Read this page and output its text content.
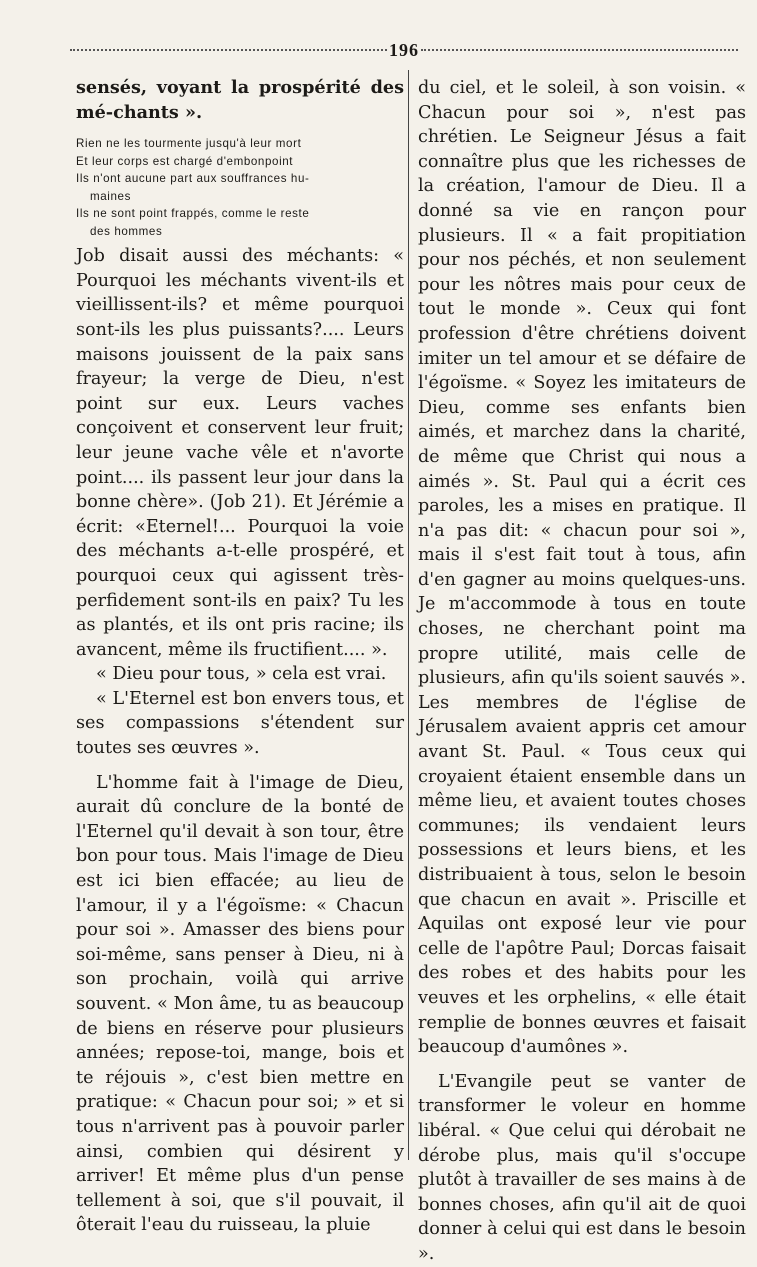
196

sensés, voyant la prospérité des mé-chants ».

Rien ne les tourmente jusqu'à leur mort
Et leur corps est chargé d'embonpoint
Ils n'ont aucune part aux souffrances hu-
maines
Ils ne sont point frappés, comme le reste
des hommes

Job disait aussi des méchants: « Pourquoi les méchants vivent-ils et vieillissent-ils? et même pourquoi sont-ils les plus puissants?.... Leurs maisons jouissent de la paix sans frayeur; la verge de Dieu, n'est point sur eux. Leurs vaches conçoivent et conservent leur fruit; leur jeune vache vêle et n'avorte point.... ils passent leur jour dans la bonne chère». (Job 21). Et Jérémie a écrit: «Eternel!... Pourquoi la voie des méchants a-t-elle prospéré, et pourquoi ceux qui agissent très-perfidement sont-ils en paix? Tu les as plantés, et ils ont pris racine; ils avancent, même ils fructifient.... ».

« Dieu pour tous, » cela est vrai.

« L'Eternel est bon envers tous, et ses compassions s'étendent sur toutes ses œuvres ».

L'homme fait à l'image de Dieu, aurait dû conclure de la bonté de l'Eternel qu'il devait à son tour, être bon pour tous. Mais l'image de Dieu est ici bien effacée; au lieu de l'amour, il y a l'égoïsme: « Chacun pour soi ». Amasser des biens pour soi-même, sans penser à Dieu, ni à son prochain, voilà qui arrive souvent. « Mon âme, tu as beaucoup de biens en réserve pour plusieurs années; repose-toi, mange, bois et te réjouis », c'est bien mettre en pratique: « Chacun pour soi; » et si tous n'arrivent pas à pouvoir parler ainsi, combien qui désirent y arriver! Et même plus d'un pense tellement à soi, que s'il pouvait, il ôterait l'eau du ruisseau, la pluie

du ciel, et le soleil, à son voisin. « Chacun pour soi », n'est pas chrétien. Le Seigneur Jésus a fait connaître plus que les richesses de la création, l'amour de Dieu. Il a donné sa vie en rançon pour plusieurs. Il « a fait propitiation pour nos péchés, et non seulement pour les nôtres mais pour ceux de tout le monde ». Ceux qui font profession d'être chrétiens doivent imiter un tel amour et se défaire de l'égoïsme. « Soyez les imitateurs de Dieu, comme ses enfants bien aimés, et marchez dans la charité, de même que Christ qui nous a aimés ». St. Paul qui a écrit ces paroles, les a mises en pratique. Il n'a pas dit: « chacun pour soi », mais il s'est fait tout à tous, afin d'en gagner au moins quelques-uns. Je m'accommode à tous en toute choses, ne cherchant point ma propre utilité, mais celle de plusieurs, afin qu'ils soient sauvés ». Les membres de l'église de Jérusalem avaient appris cet amour avant St. Paul. « Tous ceux qui croyaient étaient ensemble dans un même lieu, et avaient toutes choses communes; ils vendaient leurs possessions et leurs biens, et les distribuaient à tous, selon le besoin que chacun en avait ». Priscille et Aquilas ont exposé leur vie pour celle de l'apôtre Paul; Dorcas faisait des robes et des habits pour les veuves et les orphelins, « elle était remplie de bonnes œuvres et faisait beaucoup d'aumônes ».

L'Evangile peut se vanter de transformer le voleur en homme libéral. « Que celui qui dérobait ne dérobe plus, mais qu'il s'occupe plutôt à travailler de ses mains à de bonnes choses, afin qu'il ait de quoi donner à celui qui est dans le besoin ».
